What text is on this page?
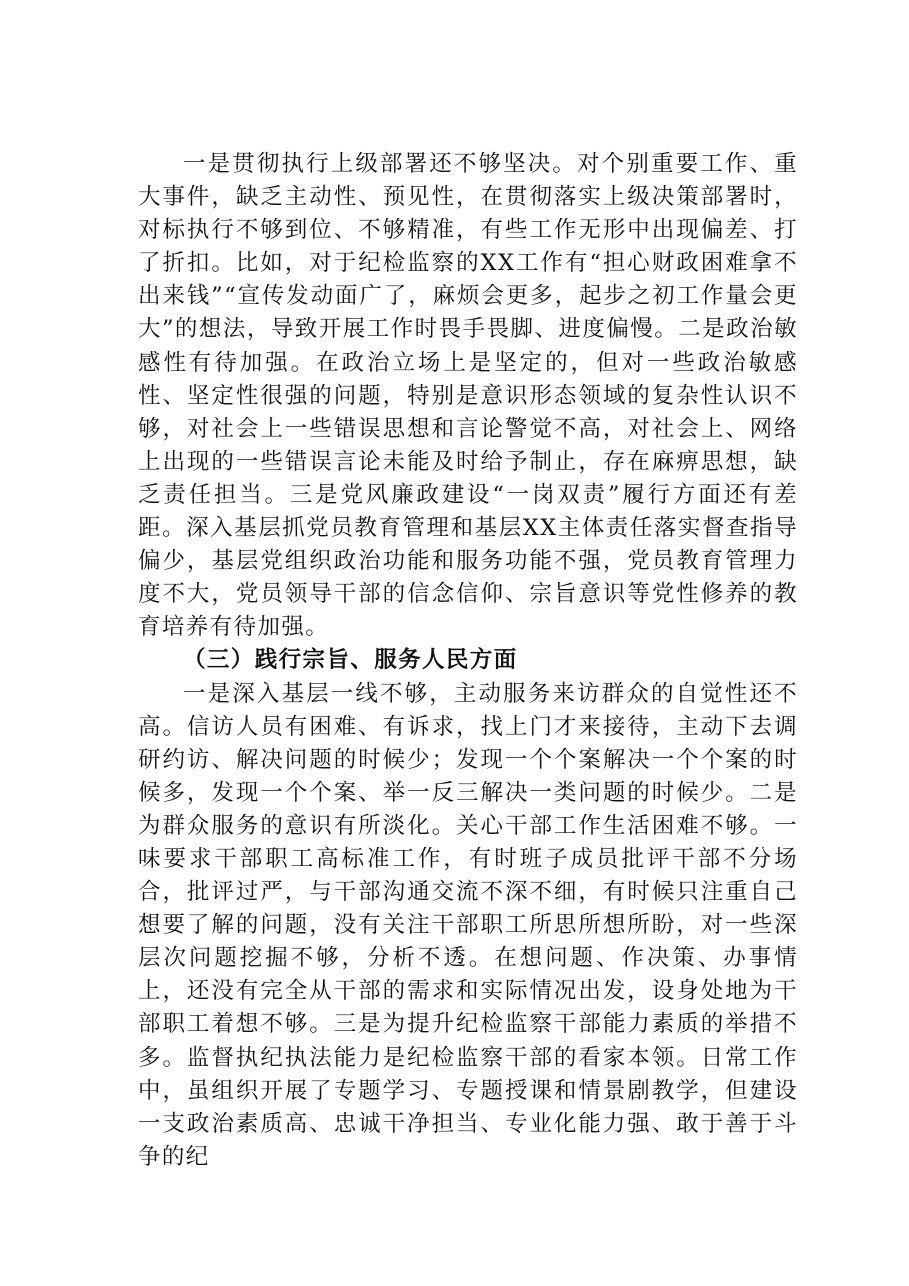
一是贯彻执行上级部署还不够坚决。对个别重要工作、重大事件，缺乏主动性、预见性，在贯彻落实上级决策部署时，对标执行不够到位、不够精准，有些工作无形中出现偏差、打了折扣。比如，对于纪检监察的XX工作有“担心财政困难拿不出来钱”“宣传发动面广了，麻烦会更多，起步之初工作量会更大”的想法，导致开展工作时畏手畏脚、进度偏慢。二是政治敏感性有待加强。在政治立场上是坚定的，但对一些政治敏感性、坚定性很强的问题，特别是意识形态领域的复杂性认识不够，对社会上一些错误思想和言论警觉不高，对社会上、网络上出现的一些错误言论未能及时给予制止，存在麻痹思想，缺乏责任担当。三是党风廉政建设“一岗双责”履行方面还有差距。深入基层抓党员教育管理和基层XX主体责任落实督查指导偏少，基层党组织政治功能和服务功能不强，党员教育管理力度不大，党员领导干部的信念信仰、宗旨意识等党性修养的教育培养有待加强。

（三）践行宗旨、服务人民方面

一是深入基层一线不够，主动服务来访群众的自觉性还不高。信访人员有困难、有诉求，找上门才来接待，主动下去调研约访、解决问题的时候少；发现一个个案解决一个个案的时候多，发现一个个案、举一反三解决一类问题的时候少。二是为群众服务的意识有所淡化。关心干部工作生活困难不够。一味要求干部职工高标准工作，有时班子成员批评干部不分场合，批评过严，与干部沟通交流不深不细，有时候只注重自己想要了解的问题，没有关注干部职工所思所想所盼，对一些深层次问题挖掘不够，分析不透。在想问题、作决策、办事情上，还没有完全从干部的需求和实际情况出发，设身处地为干部职工着想不够。三是为提升纪检监察干部能力素质的举措不多。监督执纪执法能力是纪检监察干部的看家本领。日常工作中，虽组织开展了专题学习、专题授课和情景剧教学，但建设一支政治素质高、忠诚干净担当、专业化能力强、敢于善于斗争的纪
